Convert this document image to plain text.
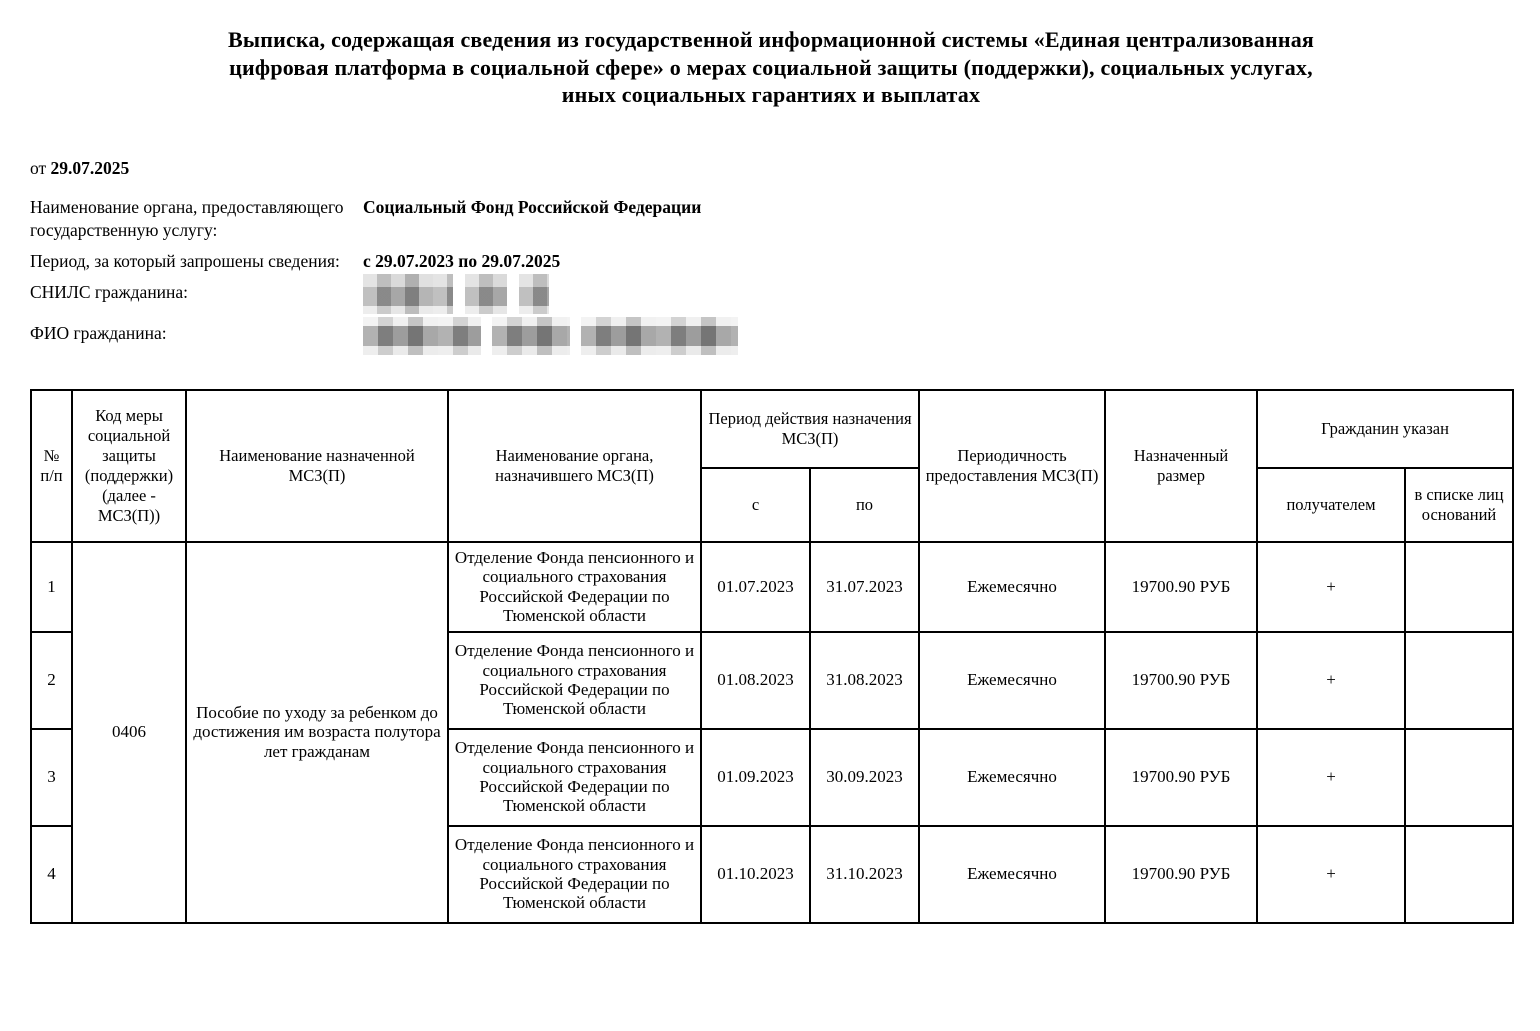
Выписка, содержащая сведения из государственной информационной системы «Единая централизованная
цифровая платформа в социальной сфере» о мерах социальной защиты (поддержки), социальных услугах,
иных социальных гарантиях и выплатах
от 29.07.2025
Наименование органа, предоставляющего государственную услугу:
Социальный Фонд Российской Федерации
Период, за который запрошены сведения:	с 29.07.2023 по 29.07.2025
СНИЛС гражданина:
ФИО гражданина:
№ п/п	Код меры социальной защиты (поддержки) (далее - МСЗ(П))	Наименование назначенной МСЗ(П)	Наименование органа, назначившего МСЗ(П)	Период действия назначения МСЗ(П)		Периодичность предоставления МСЗ(П)	Назначенный размер	Гражданин указан	
				с	по			получателем	в списке лиц оснований
1	0406	Пособие по уходу за ребенком до достижения им возраста полутора лет гражданам	Отделение Фонда пенсионного и социального страхования Российской Федерации по Тюменской области	01.07.2023	31.07.2023	Ежемесячно	19700.90 РУБ	+	
2			Отделение Фонда пенсионного и социального страхования Российской Федерации по Тюменской области	01.08.2023	31.08.2023	Ежемесячно	19700.90 РУБ	+	
3			Отделение Фонда пенсионного и социального страхования Российской Федерации по Тюменской области	01.09.2023	30.09.2023	Ежемесячно	19700.90 РУБ	+	
4			Отделение Фонда пенсионного и социального страхования Российской Федерации по Тюменской области	01.10.2023	31.10.2023	Ежемесячно	19700.90 РУБ	+	
